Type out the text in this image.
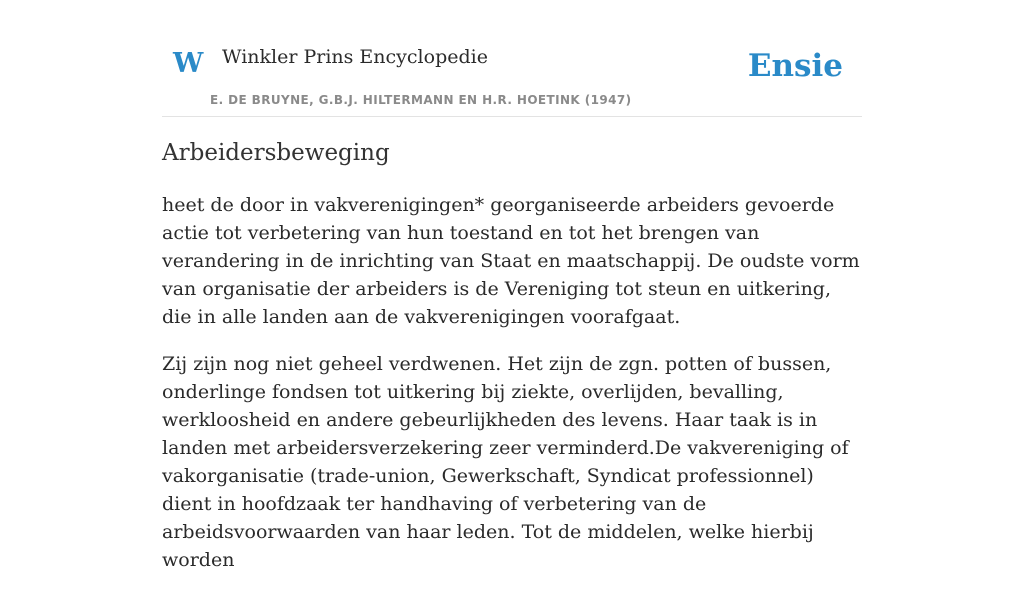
W Winkler Prins Encyclopedie
E. DE BRUYNE, G.B.J. HILTERMANN EN H.R. HOETINK (1947)
Ensie
Arbeidersbeweging

heet de door in vakverenigingen* georganiseerde arbeiders gevoerde actie tot verbetering van hun toestand en tot het brengen van verandering in de inrichting van Staat en maatschappij. De oudste vorm van organisatie der arbeiders is de Vereniging tot steun en uitkering, die in alle landen aan de vakverenigingen voorafgaat.

Zij zijn nog niet geheel verdwenen. Het zijn de zgn. potten of bussen, onderlinge fondsen tot uitkering bij ziekte, overlijden, bevalling, werkloosheid en andere gebeurlijkheden des levens. Haar taak is in landen met arbeidersverzekering zeer verminderd.De vakvereniging of vakorganisatie (trade-union, Gewerkschaft, Syndicat professionnel) dient in hoofdzaak ter handhaving of verbetering van de arbeidsvoorwaarden van haar leden. Tot de middelen, welke hierbij worden
